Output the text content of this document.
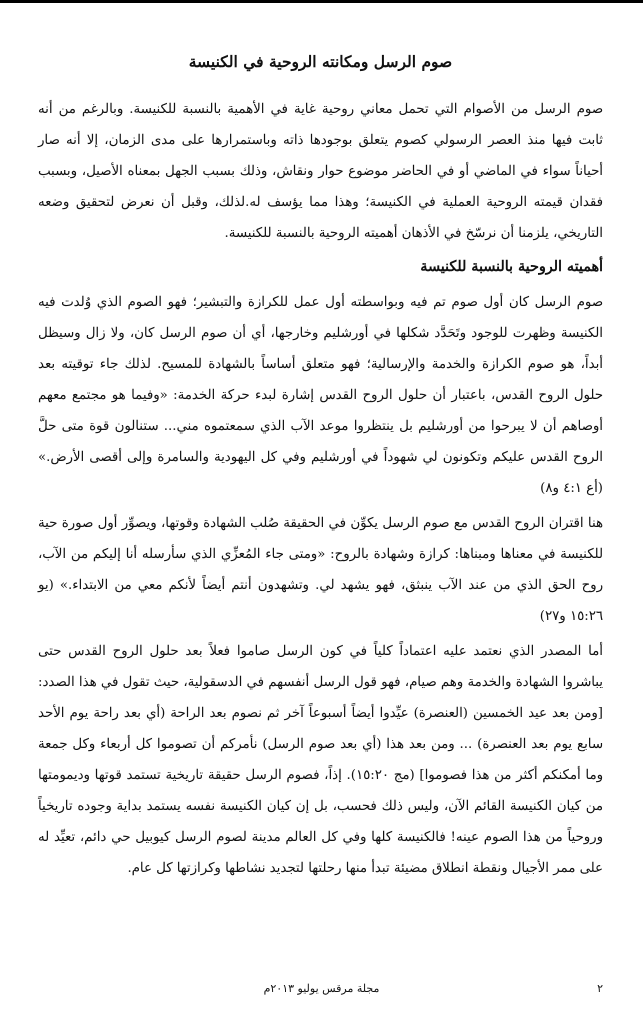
صوم الرسل ومكانته الروحية في الكنيسة

صوم الرسل من الأصوام التي تحمل معاني روحية غاية في الأهمية بالنسبة للكنيسة. وبالرغم من أنه ثابت فيها منذ العصر الرسولي كصوم يتعلق بوجودها ذاته وباستمرارها على مدى الزمان، إلا أنه صار أحياناً سواء في الماضي أو في الحاضر موضوع حوار ونقاش، وذلك بسبب الجهل بمعناه الأصيل، وبسبب فقدان قيمته الروحية العملية في الكنيسة؛ وهذا مما يؤسف له.لذلك، وقبل أن نعرض لتحقيق وضعه التاريخي، يلزمنا أن نرسّخ في الأذهان أهميته الروحية بالنسبة للكنيسة.

أهميته الروحية بالنسبة للكنيسة

صوم الرسل كان أول صوم تم فيه وبواسطته أول عمل للكرازة والتبشير؛ فهو الصوم الذي وُلدت فيه الكنيسة وظهرت للوجود وتَحَدَّد شكلها في أورشليم وخارجها، أي أن صوم الرسل كان، ولا زال وسيظل أبداً، هو صوم الكرازة والخدمة والإرسالية؛ فهو متعلق أساساً بالشهادة للمسيح. لذلك جاء توقيته بعد حلول الروح القدس، باعتبار أن حلول الروح القدس إشارة لبدء حركة الخدمة: «وفيما هو مجتمع معهم أوصاهم أن لا يبرحوا من أورشليم بل ينتظروا موعد الآب الذي سمعتموه مني... ستنالون قوة متى حلَّ الروح القدس عليكم وتكونون لي شهوداً في أورشليم وفي كل اليهودية والسامرة وإلى أقصى الأرض.» (أع ٤:١ و٨)

هنا اقتران الروح القدس مع صوم الرسل يكوِّن في الحقيقة صُلب الشهادة وقوتها، ويصوِّر أول صورة حية للكنيسة في معناها ومبناها: كرازة وشهادة بالروح: «ومتى جاء المُعزِّي الذي سأرسله أنا إليكم من الآب، روح الحق الذي من عند الآب ينبثق، فهو يشهد لي. وتشهدون أنتم أيضاً لأنكم معي من الابتداء.» (يو ١٥:٢٦ و٢٧)

أما المصدر الذي نعتمد عليه اعتماداً كلياً في كون الرسل صاموا فعلاً بعد حلول الروح القدس حتى يباشروا الشهادة والخدمة وهم صيام، فهو قول الرسل أنفسهم في الدسقولية، حيث تقول في هذا الصدد: [ومن بعد عيد الخمسين (العنصرة) عيِّدوا أيضاً أسبوعاً آخر ثم نصوم بعد الراحة (أي بعد راحة يوم الأحد سابع يوم بعد العنصرة) ... ومن بعد هذا (أي بعد صوم الرسل) نأمركم أن تصوموا كل أربعاء وكل جمعة وما أمكنكم أكثر من هذا فصوموا] (مج ١٥:٢٠). إذاً، فصوم الرسل حقيقة تاريخية تستمد قوتها وديمومتها من كيان الكنيسة القائم الآن، وليس ذلك فحسب، بل إن كيان الكنيسة نفسه يستمد بداية وجوده تاريخياً وروحياً من هذا الصوم عينه! فالكنيسة كلها وفي كل العالم مدينة لصوم الرسل كيوبيل حي دائم، تعيِّد له على ممر الأجيال ونقطة انطلاق مضيئة تبدأ منها رحلتها لتجديد نشاطها وكرازتها كل عام.

٢
مجلة مرقس يوليو ٢٠١٣م
